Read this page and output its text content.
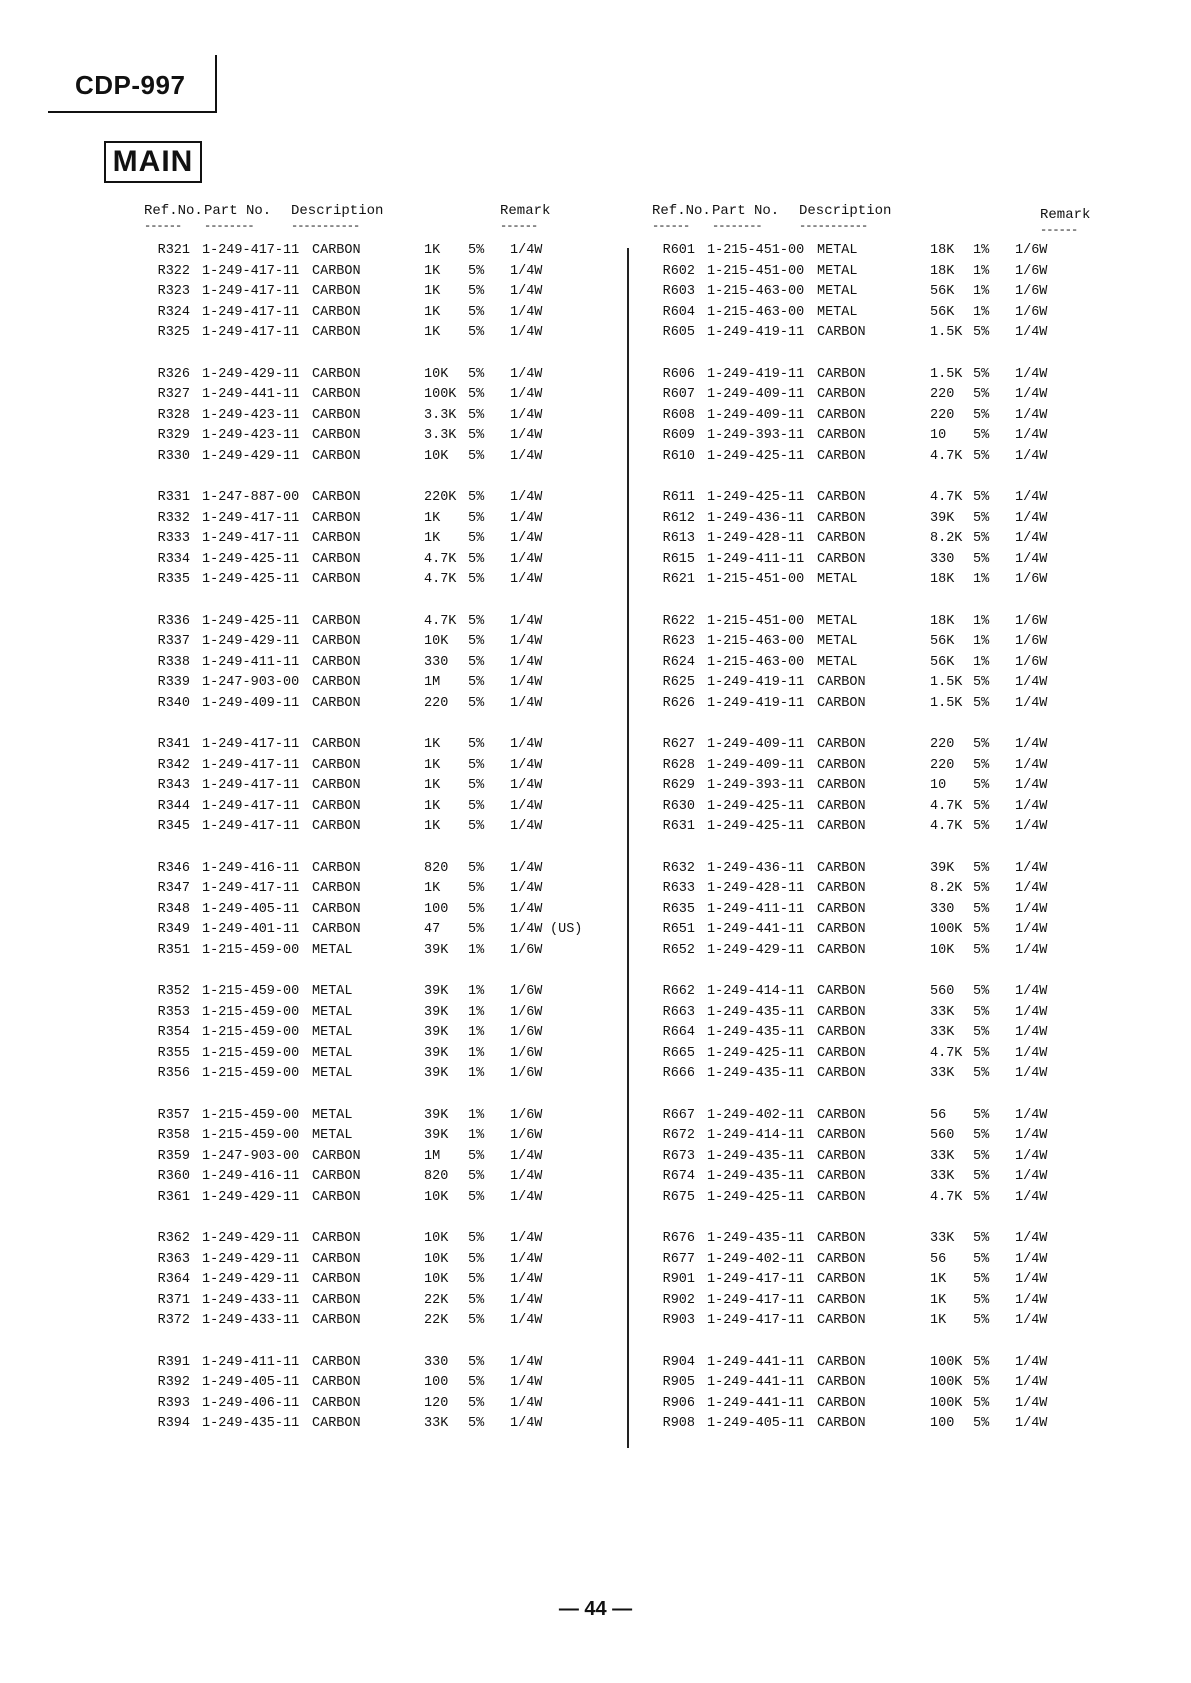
CDP-997
MAIN
Ref.No. Part No. Description	Remark
------ --------	-----------	------
R321 1-249-417-11 CARBON	1K 5% 1/4W
R322 1-249-417-11 CARBON	1K 5% 1/4W
R323 1-249-417-11 CARBON	1K 5% 1/4W
R324 1-249-417-11 CARBON	1K 5% 1/4W
R325 1-249-417-11 CARBON	1K 5% 1/4W
R326 1-249-429-11 CARBON	10K 5% 1/4W
R327 1-249-441-11 CARBON	100K 5% 1/4W
R328 1-249-423-11 CARBON	3.3K 5% 1/4W
R329 1-249-423-11 CARBON	3.3K 5% 1/4W
R330 1-249-429-11 CARBON	10K 5% 1/4W
R331 1-247-887-00 CARBON	220K 5% 1/4W
R332 1-249-417-11 CARBON	1K 5% 1/4W
R333 1-249-417-11 CARBON	1K 5% 1/4W
R334 1-249-425-11 CARBON	4.7K 5% 1/4W
R335 1-249-425-11 CARBON	4.7K 5% 1/4W
R336 1-249-425-11 CARBON	4.7K 5% 1/4W
R337 1-249-429-11 CARBON	10K 5% 1/4W
R338 1-249-411-11 CARBON	330 5% 1/4W
R339 1-247-903-00 CARBON	1M 5% 1/4W
R340 1-249-409-11 CARBON	220 5% 1/4W
R341 1-249-417-11 CARBON	1K 5% 1/4W
R342 1-249-417-11 CARBON	1K 5% 1/4W
R343 1-249-417-11 CARBON	1K 5% 1/4W
R344 1-249-417-11 CARBON	1K 5% 1/4W
R345 1-249-417-11 CARBON	1K 5% 1/4W
R346 1-249-416-11 CARBON	820 5% 1/4W
R347 1-249-417-11 CARBON	1K 5% 1/4W
R348 1-249-405-11 CARBON	100 5% 1/4W
R349 1-249-401-11 CARBON	47 5% 1/4W (US)
R351 1-215-459-00 METAL	39K 1% 1/6W
R352 1-215-459-00 METAL	39K 1% 1/6W
R353 1-215-459-00 METAL	39K 1% 1/6W
R354 1-215-459-00 METAL	39K 1% 1/6W
R355 1-215-459-00 METAL	39K 1% 1/6W
R356 1-215-459-00 METAL	39K 1% 1/6W
R357 1-215-459-00 METAL	39K 1% 1/6W
R358 1-215-459-00 METAL	39K 1% 1/6W
R359 1-247-903-00 CARBON	1M 5% 1/4W
R360 1-249-416-11 CARBON	820 5% 1/4W
R361 1-249-429-11 CARBON	10K 5% 1/4W
R362 1-249-429-11 CARBON	10K 5% 1/4W
R363 1-249-429-11 CARBON	10K 5% 1/4W
R364 1-249-429-11 CARBON	10K 5% 1/4W
R371 1-249-433-11 CARBON	22K 5% 1/4W
R372 1-249-433-11 CARBON	22K 5% 1/4W
R391 1-249-411-11 CARBON	330 5% 1/4W
R392 1-249-405-11 CARBON	100 5% 1/4W
R393 1-249-406-11 CARBON	120 5% 1/4W
R394 1-249-435-11 CARBON	33K 5% 1/4W
Ref.No. Part No. Description	Remark
------ --------	-----------	------
R601 1-215-451-00 METAL	18K 1% 1/6W
R602 1-215-451-00 METAL	18K 1% 1/6W
R603 1-215-463-00 METAL	56K 1% 1/6W
R604 1-215-463-00 METAL	56K 1% 1/6W
R605 1-249-419-11 CARBON	1.5K 5% 1/4W
R606 1-249-419-11 CARBON	1.5K 5% 1/4W
R607 1-249-409-11 CARBON	220 5% 1/4W
R608 1-249-409-11 CARBON	220 5% 1/4W
R609 1-249-393-11 CARBON	10 5% 1/4W
R610 1-249-425-11 CARBON	4.7K 5% 1/4W
R611 1-249-425-11 CARBON	4.7K 5% 1/4W
R612 1-249-436-11 CARBON	39K 5% 1/4W
R613 1-249-428-11 CARBON	8.2K 5% 1/4W
R615 1-249-411-11 CARBON	330 5% 1/4W
R621 1-215-451-00 METAL	18K 1% 1/6W
R622 1-215-451-00 METAL	18K 1% 1/6W
R623 1-215-463-00 METAL	56K 1% 1/6W
R624 1-215-463-00 METAL	56K 1% 1/6W
R625 1-249-419-11 CARBON	1.5K 5% 1/4W
R626 1-249-419-11 CARBON	1.5K 5% 1/4W
R627 1-249-409-11 CARBON	220 5% 1/4W
R628 1-249-409-11 CARBON	220 5% 1/4W
R629 1-249-393-11 CARBON	10 5% 1/4W
R630 1-249-425-11 CARBON	4.7K 5% 1/4W
R631 1-249-425-11 CARBON	4.7K 5% 1/4W
R632 1-249-436-11 CARBON	39K 5% 1/4W
R633 1-249-428-11 CARBON	8.2K 5% 1/4W
R635 1-249-411-11 CARBON	330 5% 1/4W
R651 1-249-441-11 CARBON	100K 5% 1/4W
R652 1-249-429-11 CARBON	10K 5% 1/4W
R662 1-249-414-11 CARBON	560 5% 1/4W
R663 1-249-435-11 CARBON	33K 5% 1/4W
R664 1-249-435-11 CARBON	33K 5% 1/4W
R665 1-249-425-11 CARBON	4.7K 5% 1/4W
R666 1-249-435-11 CARBON	33K 5% 1/4W
R667 1-249-402-11 CARBON	56 5% 1/4W
R672 1-249-414-11 CARBON	560 5% 1/4W
R673 1-249-435-11 CARBON	33K 5% 1/4W
R674 1-249-435-11 CARBON	33K 5% 1/4W
R675 1-249-425-11 CARBON	4.7K 5% 1/4W
R676 1-249-435-11 CARBON	33K 5% 1/4W
R677 1-249-402-11 CARBON	56 5% 1/4W
R901 1-249-417-11 CARBON	1K 5% 1/4W
R902 1-249-417-11 CARBON	1K 5% 1/4W
R903 1-249-417-11 CARBON	1K 5% 1/4W
R904 1-249-441-11 CARBON	100K 5% 1/4W
R905 1-249-441-11 CARBON	100K 5% 1/4W
R906 1-249-441-11 CARBON	100K 5% 1/4W
R908 1-249-405-11 CARBON	100 5% 1/4W
— 44 —
